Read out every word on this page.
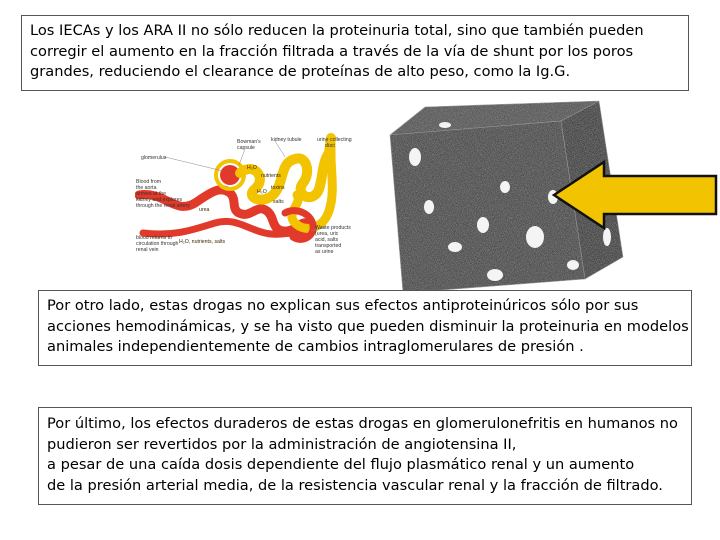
Los IECAs y los ARA II no sólo reducen la proteinuria total, sino que también pueden
corregir el aumento en la fracción filtrada a través de la vía de shunt por los poros
grandes, reduciendo el clearance de proteínas de alto peso, como la Ig.G.
glomerulus
Bowman's
capsule
kidney tubule	urine collecting
duct
H₂O
nutrients
H₂O
toxins
salts
urea
Blood from
the aorta
arrives at the
kidney and explores
through the renal artery
blood returns to
circulation through
renal vein
H₂O, nutrients, salts
Waste products
(urea, uric
acid, salts
transported
as urine
Por otro lado, estas drogas no explican sus efectos antiproteinúricos sólo por sus
acciones hemodinámicas, y se ha visto que pueden disminuir la proteinuria en modelos
animales independientemente de cambios intraglomerulares de presión .
Por último, los efectos duraderos de estas drogas en glomerulonefritis en humanos no
pudieron ser revertidos por la administración de angiotensina II,
a pesar de una caída dosis dependiente del flujo plasmático renal y un aumento
de la presión arterial media, de la resistencia vascular renal y la fracción de filtrado.
